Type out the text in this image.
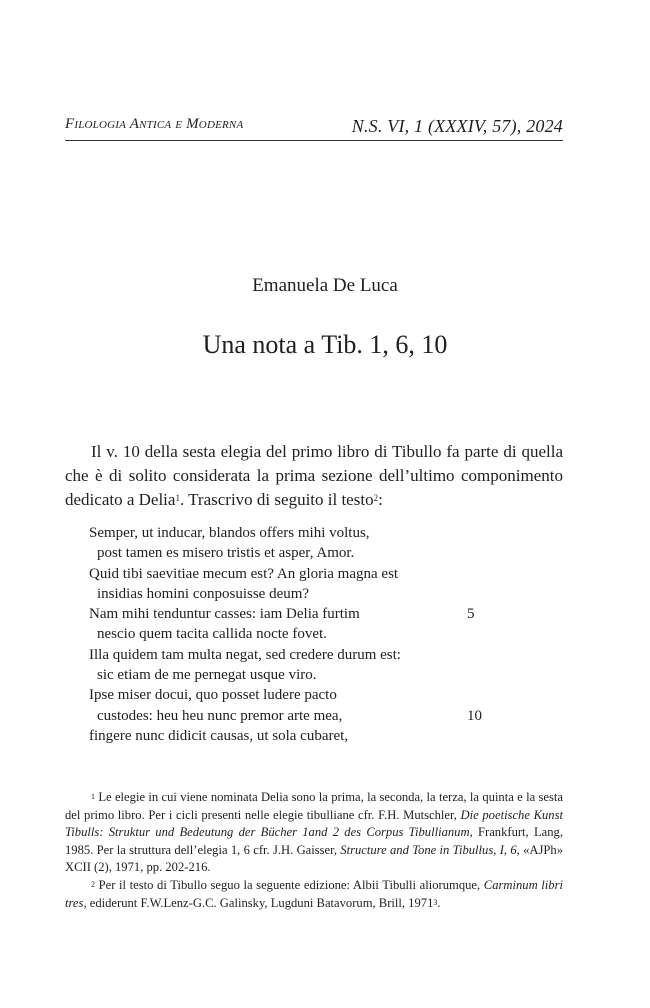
Filologia Antica e Moderna	N.S. VI, 1 (XXXIV, 57), 2024
Emanuela De Luca
Una nota a Tib. 1, 6, 10

Il v. 10 della sesta elegia del primo libro di Tibullo fa parte di quella che è di solito considerata la prima sezione dell’ultimo componimento dedicato a Delia$^1$. Trascrivo di seguito il testo$^2$:

Semper, ut inducar, blandos offers mihi voltus,
post tamen es misero tristis et asper, Amor.
Quid tibi saevitiae mecum est? An gloria magna est
insidias homini conposuisse deum?
Nam mihi tenduntur casses: iam Delia furtim	5
nescio quem tacita callida nocte fovet.
Illa quidem tam multa negat, sed credere durum est:
sic etiam de me pernegat usque viro.
Ipse miser docui, quo posset ludere pacto
custodes: heu heu nunc premor arte mea,	10
fingere nunc didicit causas, ut sola cubaret,

$^1$ Le elegie in cui viene nominata Delia sono la prima, la seconda, la terza, la quinta e la sesta del primo libro. Per i cicli presenti nelle elegie tibulliane cfr. F.H. Mutschler, Die poetische Kunst Tibulls: Struktur und Bedeutung der Bücher 1and 2 des Corpus Tibullianum, Frankfurt, Lang, 1985. Per la struttura dell’elegia 1, 6 cfr. J.H. Gaisser, Structure and Tone in Tibullus, I, 6, «AJPh» XCII (2), 1971, pp. 202-216.

$^2$ Per il testo di Tibullo seguo la seguente edizione: Albii Tibulli aliorumque, Carminum libri tres, ediderunt F.W.Lenz-G.C. Galinsky, Lugduni Batavorum, Brill, 1971$^3$.
